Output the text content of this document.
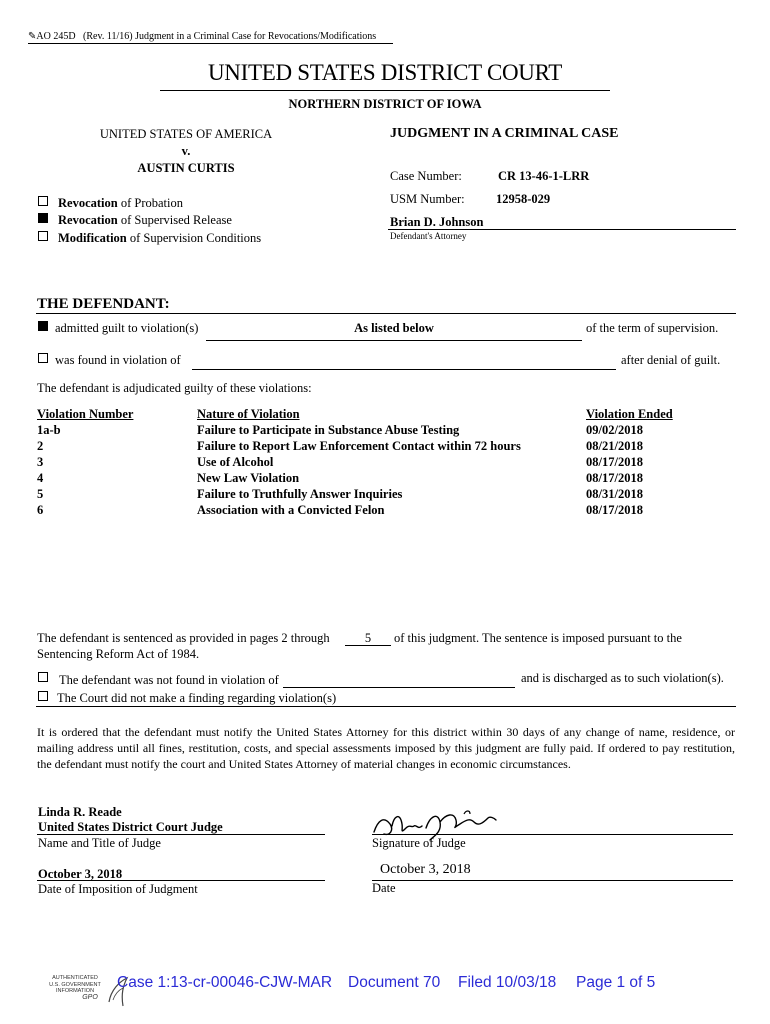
✎AO 245D   (Rev. 11/16) Judgment in a Criminal Case for Revocations/Modifications
UNITED STATES DISTRICT COURT
NORTHERN DISTRICT OF IOWA
UNITED STATES OF AMERICA
v.
AUSTIN CURTIS
JUDGMENT IN A CRIMINAL CASE
Case Number:	CR 13-46-1-LRR
USM Number:	12958-029
Brian D. Johnson
Defendant's Attorney
Revocation of Probation
Revocation of Supervised Release
Modification of Supervision Conditions
THE DEFENDANT:
admitted guilt to violation(s)	As listed below	of the term of supervision.
was found in violation of	after denial of guilt.
The defendant is adjudicated guilty of these violations:
Violation Number	Nature of Violation	Violation Ended
1a-b	Failure to Participate in Substance Abuse Testing	09/02/2018
2	Failure to Report Law Enforcement Contact within 72 hours	08/21/2018
3	Use of Alcohol	08/17/2018
4	New Law Violation	08/17/2018
5	Failure to Truthfully Answer Inquiries	08/31/2018
6	Association with a Convicted Felon	08/17/2018
The defendant is sentenced as provided in pages 2 through	5	of this judgment. The sentence is imposed pursuant to the
Sentencing Reform Act of 1984.
The defendant was not found in violation of	and is discharged as to such violation(s).
The Court did not make a finding regarding violation(s)
It is ordered that the defendant must notify the United States Attorney for this district within 30 days of any change of name, residence, or mailing address until all fines, restitution, costs, and special assessments imposed by this judgment are fully paid. If ordered to pay restitution, the defendant must notify the court and United States Attorney of material changes in economic circumstances.
Linda R. Reade
United States District Court Judge
Name and Title of Judge	Signature of Judge
October 3, 2018
Date of Imposition of Judgment
October 3, 2018
Date
AUTHENTICATED
U.S. GOVERNMENT
INFORMATION
GPO
Case 1:13-cr-00046-CJW-MAR Document 70 Filed 10/03/18 Page 1 of 5
